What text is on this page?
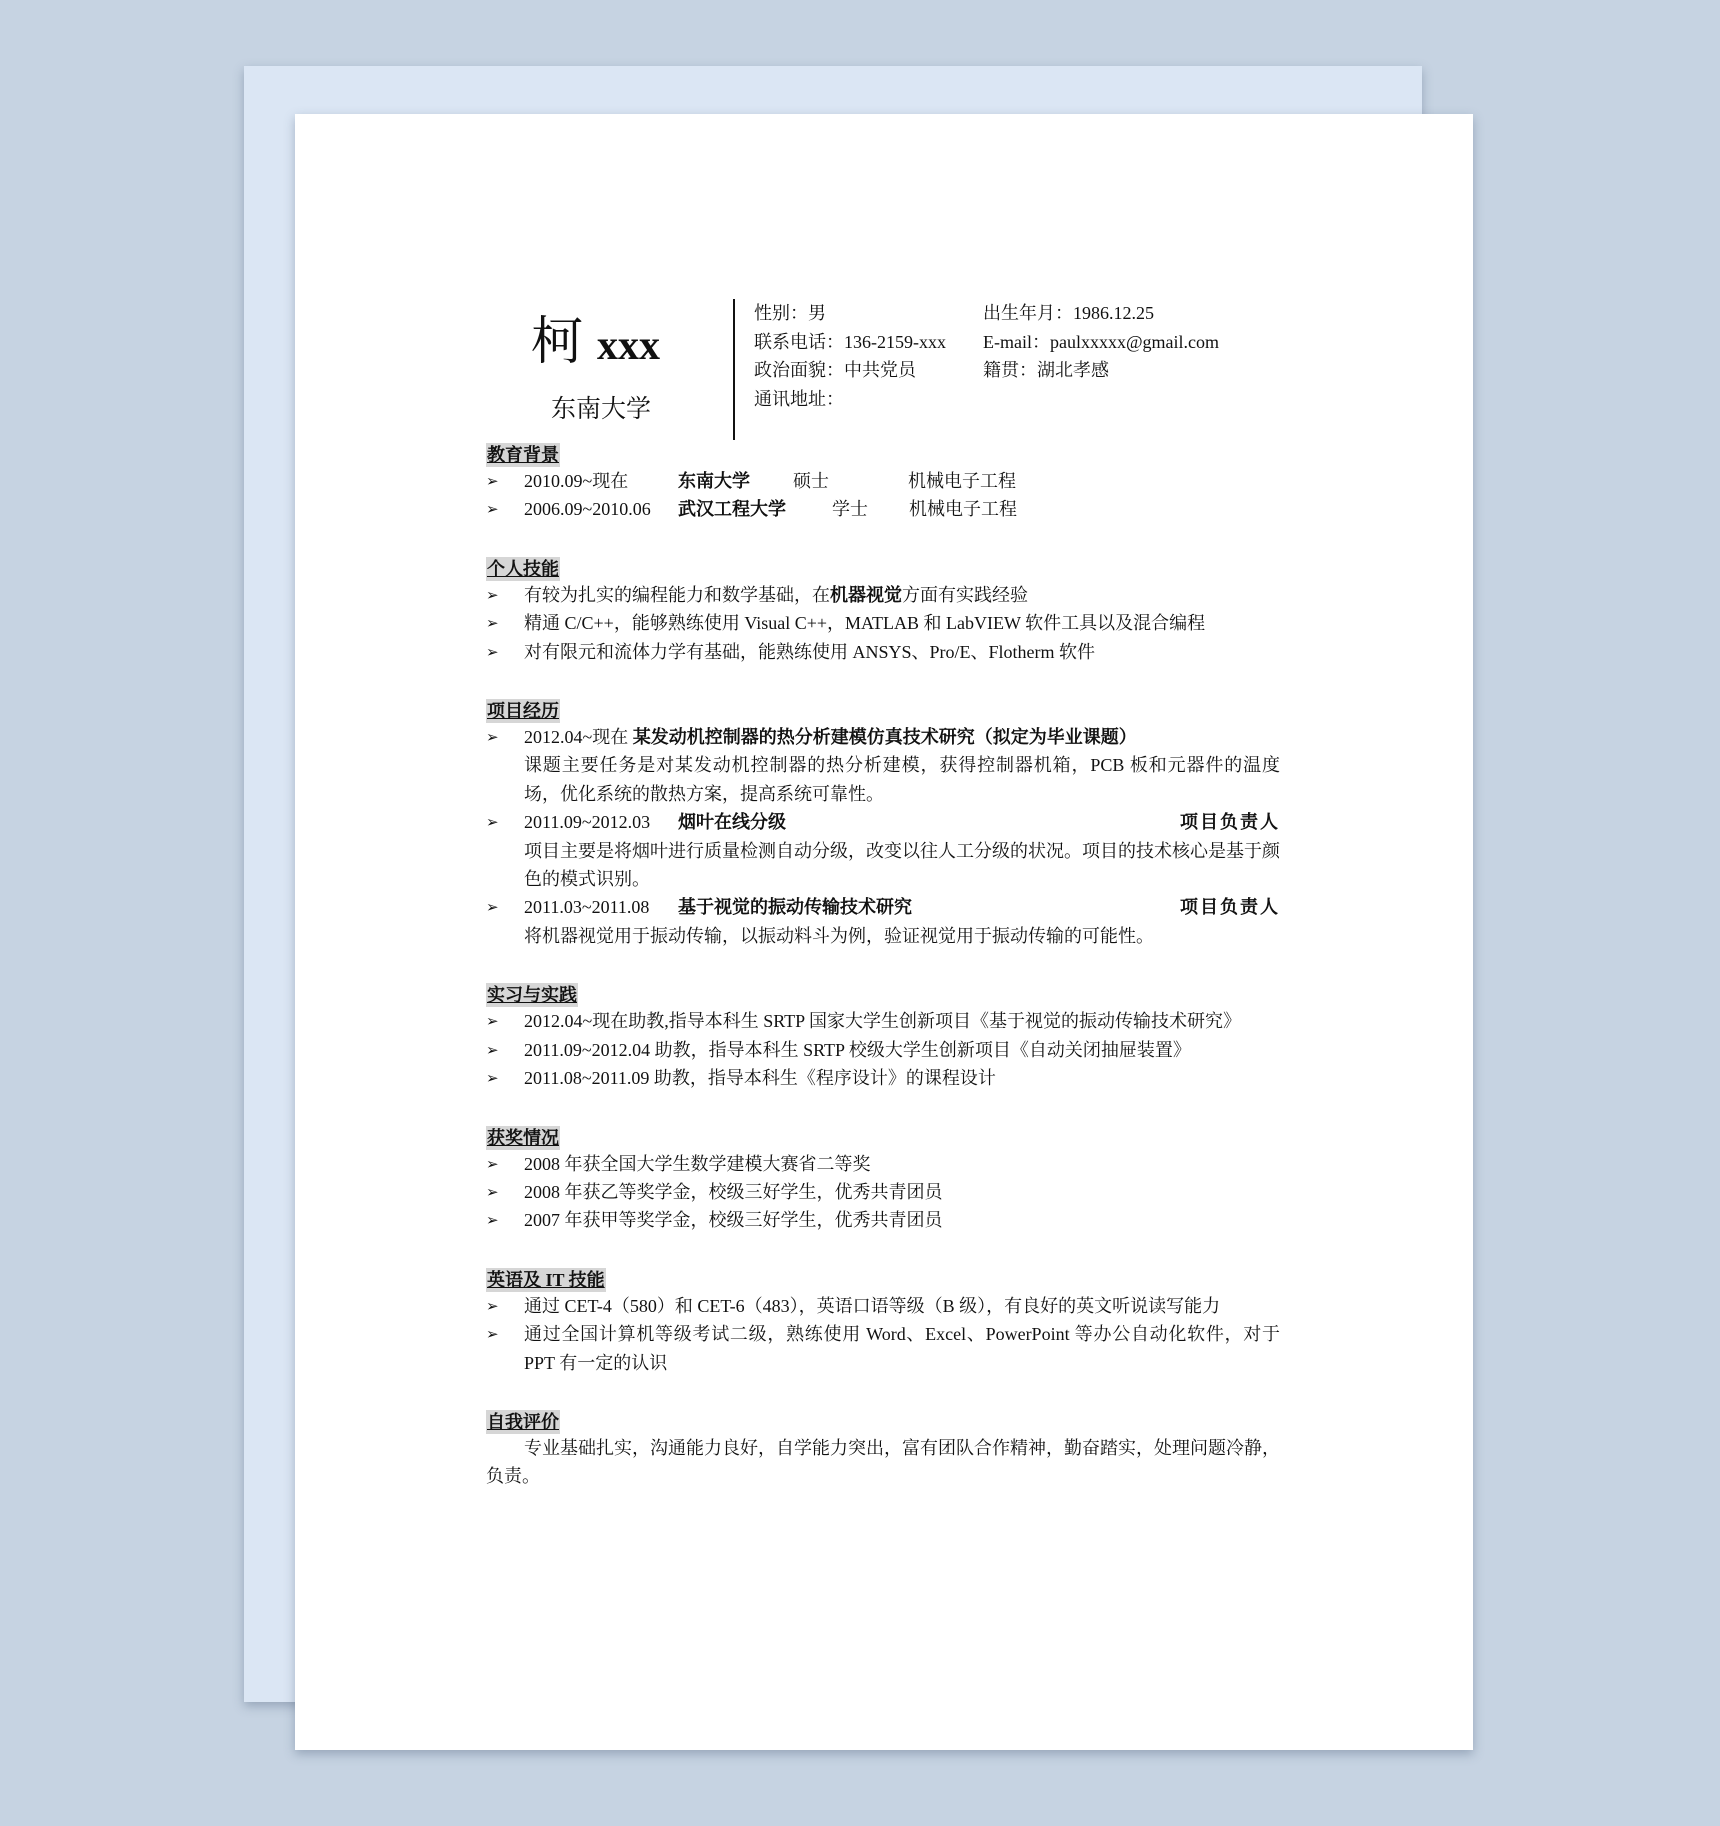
柯 xxx
东南大学
性别：男	出生年月：1986.12.25
联系电话：136-2159-xxx	E-mail：paulxxxxx@gmail.com
政治面貌：中共党员	籍贯：湖北孝感
通讯地址：
教育背景
➢	2010.09~现在	东南大学 硕士	机械电子工程
➢	2006.09~2010.06 武汉工程大学	学士 机械电子工程
个人技能
➢	有较为扎实的编程能力和数学基础，在机器视觉方面有实践经验
➢	精通 C/C++，能够熟练使用 Visual C++，MATLAB 和 LabVIEW 软件工具以及混合编程
➢	对有限元和流体力学有基础，能熟练使用 ANSYS、Pro/E、Flotherm 软件
项目经历
➢	2012.04~现在 某发动机控制器的热分析建模仿真技术研究（拟定为毕业课题）
课题主要任务是对某发动机控制器的热分析建模，获得控制器机箱，PCB 板和元器件的温度场，优化系统的散热方案，提高系统可靠性。
➢	2011.09~2012.03 烟叶在线分级	项目负责人
项目主要是将烟叶进行质量检测自动分级，改变以往人工分级的状况。项目的技术核心是基于颜色的模式识别。
➢	2011.03~2011.08 基于视觉的振动传输技术研究	项目负责人
将机器视觉用于振动传输，以振动料斗为例，验证视觉用于振动传输的可能性。
实习与实践
➢	2012.04~现在助教,指导本科生 SRTP 国家大学生创新项目《基于视觉的振动传输技术研究》
➢	2011.09~2012.04 助教，指导本科生 SRTP 校级大学生创新项目《自动关闭抽屉装置》
➢	2011.08~2011.09 助教，指导本科生《程序设计》的课程设计
获奖情况
➢	2008 年获全国大学生数学建模大赛省二等奖
➢	2008 年获乙等奖学金，校级三好学生，优秀共青团员
➢	2007 年获甲等奖学金，校级三好学生，优秀共青团员
英语及 IT 技能
➢	通过 CET-4（580）和 CET-6（483），英语口语等级（B 级），有良好的英文听说读写能力
➢	通过全国计算机等级考试二级，熟练使用 Word、Excel、PowerPoint 等办公自动化软件，对于 PPT 有一定的认识
自我评价
专业基础扎实，沟通能力良好，自学能力突出，富有团队合作精神，勤奋踏实，处理问题冷静，负责。
